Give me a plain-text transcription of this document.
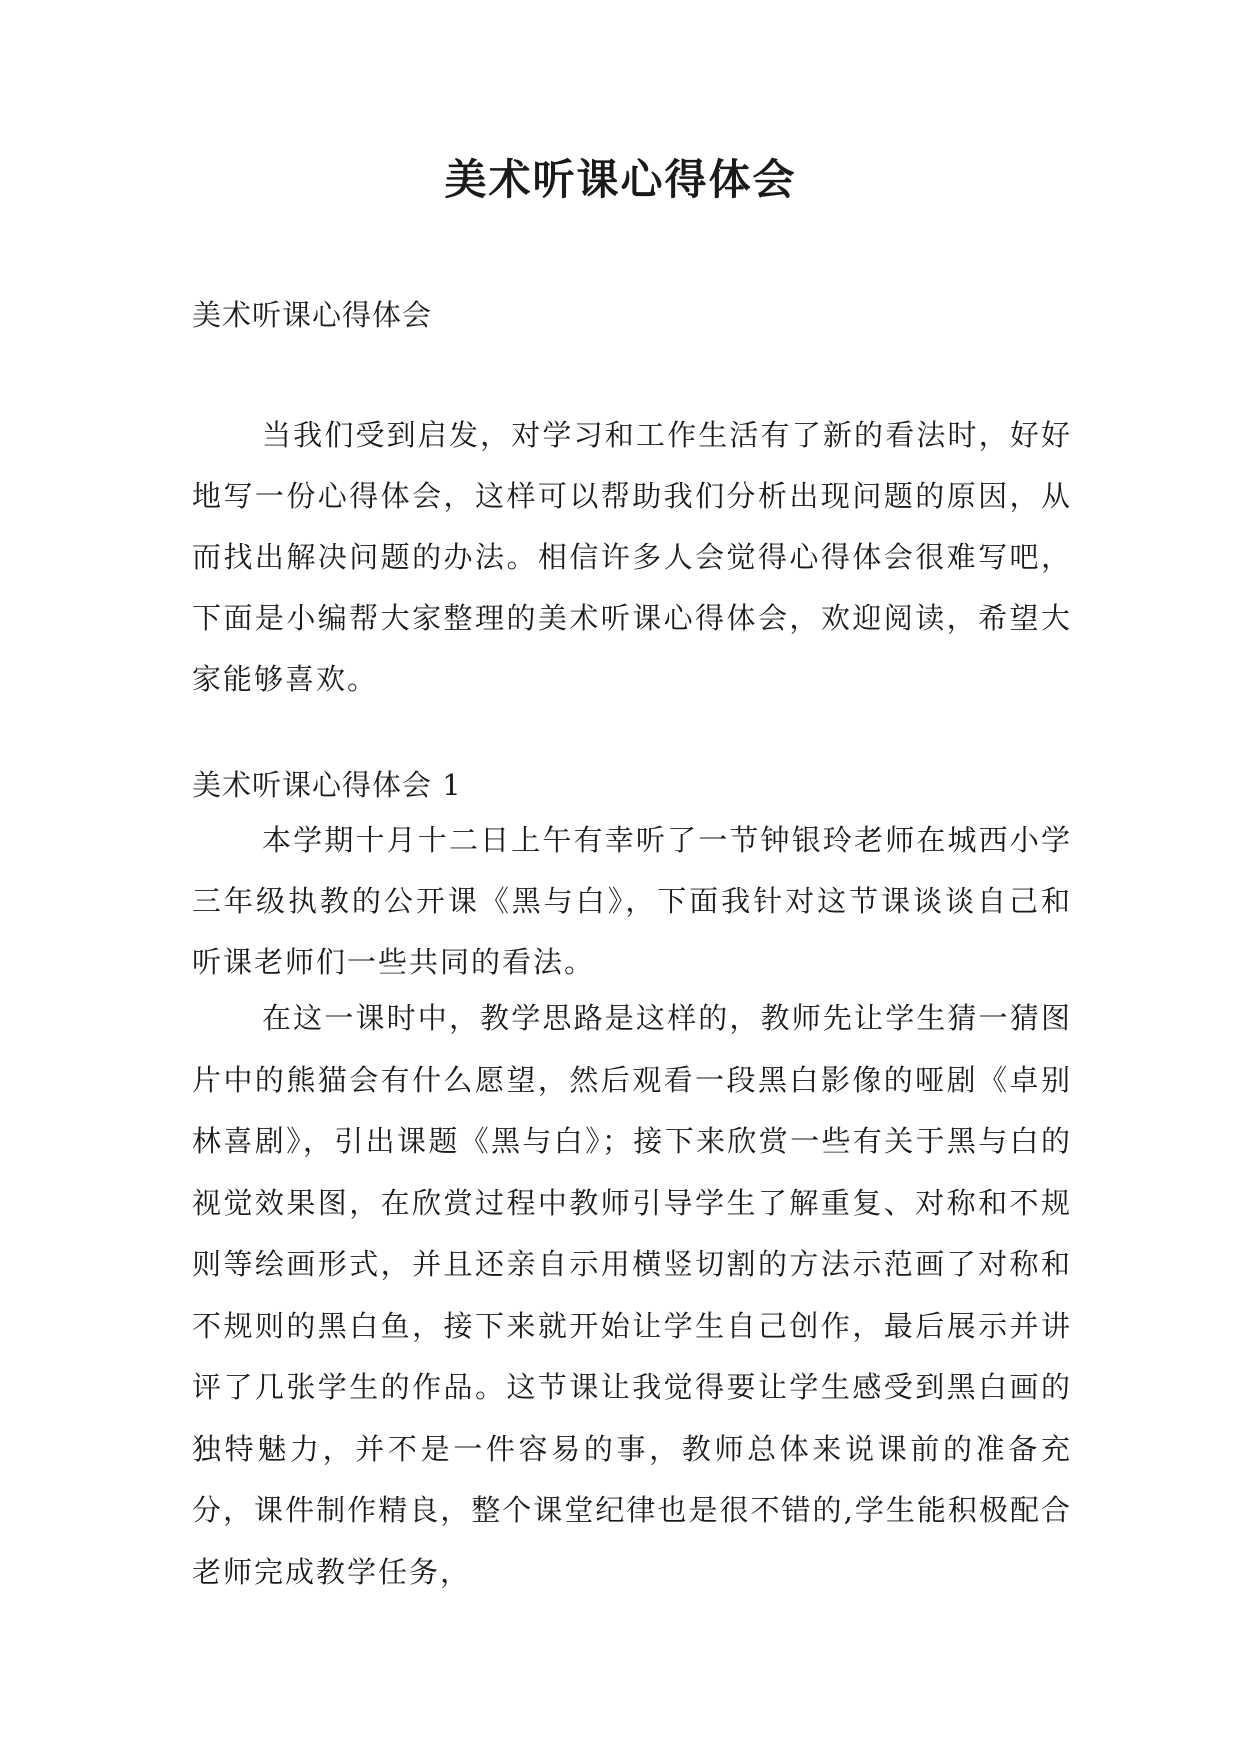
美术听课心得体会

美术听课心得体会

当我们受到启发，对学习和工作生活有了新的看法时，好好地写一份心得体会，这样可以帮助我们分析出现问题的原因，从而找出解决问题的办法。相信许多人会觉得心得体会很难写吧，下面是小编帮大家整理的美术听课心得体会，欢迎阅读，希望大家能够喜欢。

美术听课心得体会 1

本学期十月十二日上午有幸听了一节钟银玲老师在城西小学三年级执教的公开课《黑与白》，下面我针对这节课谈谈自己和听课老师们一些共同的看法。

在这一课时中，教学思路是这样的，教师先让学生猜一猜图片中的熊猫会有什么愿望，然后观看一段黑白影像的哑剧《卓别林喜剧》，引出课题《黑与白》；接下来欣赏一些有关于黑与白的视觉效果图，在欣赏过程中教师引导学生了解重复、对称和不规则等绘画形式，并且还亲自示用横竖切割的方法示范画了对称和不规则的黑白鱼，接下来就开始让学生自己创作，最后展示并讲评了几张学生的作品。这节课让我觉得要让学生感受到黑白画的独特魅力，并不是一件容易的事，教师总体来说课前的准备充分，课件制作精良，整个课堂纪律也是很不错的,学生能积极配合老师完成教学任务，
